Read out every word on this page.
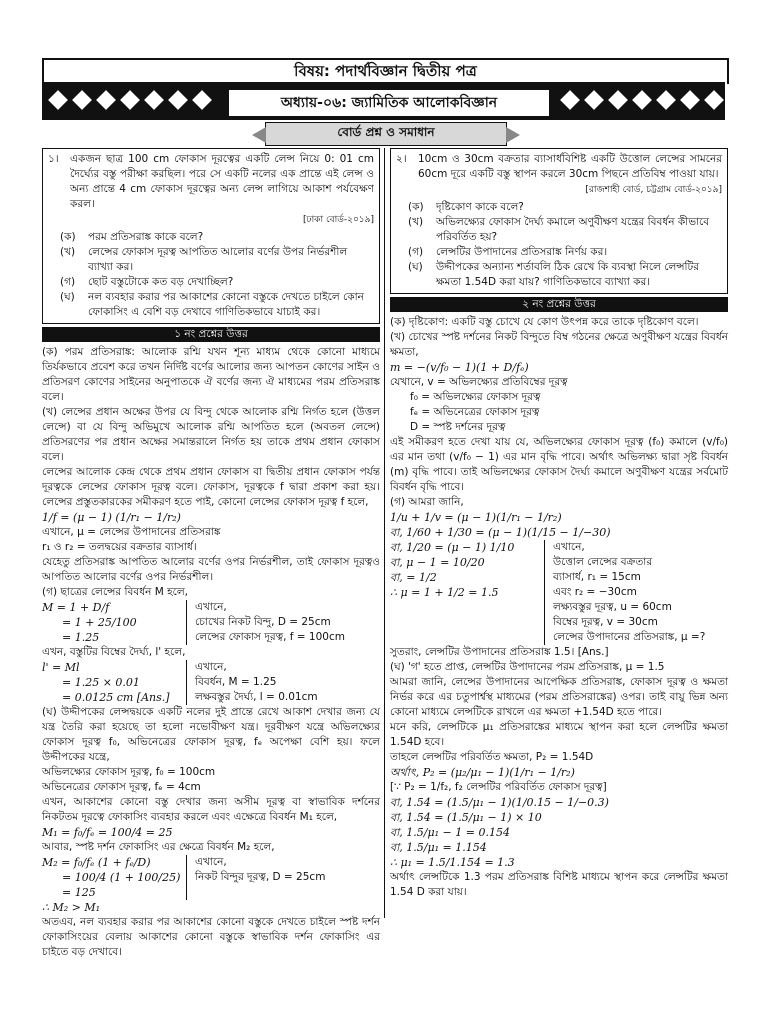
বিষয়: পদার্থবিজ্ঞান দ্বিতীয় পত্র
অধ্যায়-০৬: জ্যামিতিক আলোকবিজ্ঞান
বোর্ড প্রশ্ন ও সমাধান
১।	একজন ছাত্র 100 cm ফোকাস দূরত্বের একটি লেন্স নিয়ে 0: 01 cm দৈর্ঘ্যের বস্তু পরীক্ষা করছিল। পরে সে একটি নলের এক প্রান্তে এই লেন্স ও অন্য প্রান্তে 4 cm ফোকাস দূরত্বের অন্য লেন্স লাগিয়ে আকাশ পর্যবেক্ষণ করল।

[ঢাকা বোর্ড-২০১৯]
(ক)	পরম প্রতিসরাঙ্ক কাকে বলে?
(খ)	লেন্সের ফোকাস দূরত্ব আপতিত আলোর বর্ণের উপর নির্ভরশীল ব্যাখ্যা কর।
(গ)	ছোট বস্তুটোকে কত বড় দেখাচ্ছিল?
(ঘ)	নল ব্যবহার করার পর আকাশের কোনো বস্তুকে দেখতে চাইলে কোন ফোকাসিং এ বেশি বড় দেখাবে গাণিতিকভাবে যাচাই কর।
১ নং প্রশ্নের উত্তর

(ক) পরম প্রতিসরাঙ্ক: আলোক রশ্মি যখন শূন্য মাধ্যম থেকে কোনো মাধ্যমে তির্যকভাবে প্রবেশ করে তখন নির্দিষ্ট বর্ণের আলোর জন্য আপতন কোণের সাইন ও প্রতিসরণ কোণের সাইনের অনুপাতকে ঐ বর্ণের জন্য ঐ মাধ্যমের পরম প্রতিসরাঙ্ক বলে।

(খ) লেন্সের প্রধান অক্ষের উপর যে বিন্দু থেকে আলোক রশ্মি নির্গত হলে (উত্তল লেন্সে) বা যে বিন্দু অভিমুখে আলোক রশ্মি আপতিত হলে (অবতল লেন্সে) প্রতিসরণের পর প্রধান অক্ষের সমান্তরালে নির্গত হয় তাকে প্রথম প্রধান ফোকাস বলে।

লেন্সের আলোক কেন্দ্র থেকে প্রথম প্রধান ফোকাস বা দ্বিতীয় প্রধান ফোকাস পর্যন্ত দূরত্বকে লেন্সের ফোকাস দূরত্ব বলে। ফোকাস, দূরত্বকে f দ্বারা প্রকাশ করা হয়। লেন্সের প্রস্তুতকারকের সমীকরণ হতে পাই, কোনো লেন্সের ফোকাস দূরত্ব f হলে,

1/f = (μ − 1) (1/r₁ − 1/r₂)

এখানে, μ = লেন্সের উপাদানের প্রতিসরাঙ্ক

r₁ ও r₂ = তলদ্বয়ের বক্রতার ব্যাসার্ধ।

যেহেতু প্রতিসরাঙ্ক আপতিত আলোর বর্ণের ওপর নির্ভরশীল, তাই ফোকাস দূরত্বও আপতিত আলোর বর্ণের ওপর নির্ভরশীল।

(গ) ছাত্রের লেন্সের বিবর্ধন M হলে,

M = 1 + D/f
= 1 + 25/100
= 1.25
এখানে,
চোখের নিকট বিন্দু, D = 25cm
লেন্সের ফোকাস দূরত্ব, f = 100cm

এখন, বস্তুটির বিম্বের দৈর্ঘ্য, l' হলে,

l' = Ml
= 1.25 × 0.01
= 0.0125 cm [Ans.]
এখানে,
বিবর্ধন, M = 1.25
লক্ষবস্তুর দৈর্ঘ্য, l = 0.01cm

(ঘ) উদ্দীপকের লেন্সদ্বয়কে একটি নলের দুই প্রান্তে রেখে আকাশ দেখার জন্য যে যন্ত্র তৈরি করা হয়েছে তা হলো নভোবীক্ষণ যন্ত্র। দূরবীক্ষণ যন্ত্রে অভিলক্ষ্যের ফোকাস দূরত্ব f₀, অভিনেত্রের ফোকাস দূরত্ব, fₑ অপেক্ষা বেশি হয়। ফলে উদ্দীপকের যন্ত্রে,

অভিলক্ষ্যের ফোকাস দূরত্ব, f₀ = 100cm

অভিনেত্রের ফোকাস দূরত্ব, fₑ = 4cm

এখন, আকাশের কোনো বস্তু দেখার জন্য অসীম দূরত্ব বা স্বাভাবিক দর্শনের নিকটতম দূরত্বে ফোকাসিং ব্যবহার করলে এবং এক্ষেত্রে বিবর্ধন M₁ হলে,

M₁ = f₀/fₑ = 100/4 = 25

আবার, স্পষ্ট দর্শন ফোকাসিং এর ক্ষেত্রে বিবর্ধন M₂ হলে,

M₂ = f₀/fₑ (1 + fₑ/D)
= 100/4 (1 + 100/25)
= 125
এখানে,
নিকট বিন্দুর দূরত্ব, D = 25cm
∴ M₂ > M₁

অতএব, নল ব্যবহার করার পর আকাশের কোনো বস্তুকে দেখতে চাইলে স্পষ্ট দর্শন ফোকাসিংয়ের বেলায় আকাশের কোনো বস্তুকে স্বাভাবিক দর্শন ফোকাসিং এর চাইতে বড় দেখাবে।

২।	10cm ও 30cm বক্রতার ব্যাসার্ধবিশিষ্ট একটি উত্তোল লেন্সের সামনের 60cm দূরে একটি বস্তু স্থাপন করলে 30cm পিছনে প্রতিবিম্ব পাওয়া যায়।

[রাজশাহী বোর্ড, চট্টগ্রাম বোর্ড-২০১৯]
(ক)	দৃষ্টিকোণ কাকে বলে?
(খ)	অভিলক্ষ্যের ফোকাস দৈর্ঘ্য কমালে অণুবীক্ষণ যন্ত্রের বিবর্ধন কীভাবে পরিবর্তিত হয়?
(গ)	লেন্সটির উপাদানের প্রতিসরাঙ্ক নির্ণয় কর।
(ঘ)	উদ্দীপকের অন্যান্য শর্তাবলি ঠিক রেখে কি ব্যবস্থা নিলে লেন্সটির ক্ষমতা 1.54D করা যায়? গাণিতিকভাবে ব্যাখ্যা কর।
২ নং প্রশ্নের উত্তর

(ক) দৃষ্টিকোণ: একটি বস্তু চোখে যে কোণ উৎপন্ন করে তাকে দৃষ্টিকোণ বলে।

(খ) চোখের স্পষ্ট দর্শনের নিকট বিন্দুতে বিম্ব গঠনের ক্ষেত্রে অণুবীক্ষণ যন্ত্রের বিবর্ধন ক্ষমতা,

m = −(v/f₀ − 1)(1 + D/fₑ)

যেখানে, v = অভিলক্ষ্যের প্রতিবিম্বের দূরত্ব

f₀ = অভিলক্ষ্যের ফোকাস দূরত্ব

fₑ = অভিনেত্রের ফোকাস দূরত্ব

D = স্পষ্ট দর্শনের দূরত্ব

এই সমীকরণ হতে দেখা যায় যে, অভিলক্ষ্যের ফোকাস দূরত্ব (f₀) কমালে (v/f₀) এর মান তথা (v/f₀ − 1) এর মান বৃদ্ধি পাবে। অর্থাৎ অভিলক্ষ্য দ্বারা সৃষ্ট বিবর্ধন (m) বৃদ্ধি পাবে। তাই অভিলক্ষ্যের ফোকাস দৈর্ঘ্য কমালে অণুবীক্ষণ যন্ত্রের সর্বমোট বিবর্ধন বৃদ্ধি পাবে।

(গ) আমরা জানি,

1/u + 1/v = (μ − 1)(1/r₁ − 1/r₂)
বা, 1/60 + 1/30 = (μ − 1)(1/15 − 1/−30)
বা, 1/20 = (μ − 1) 1/10
বা, μ − 1 = 10/20
বা, = 1/2
∴ μ = 1 + 1/2 = 1.5
এখানে,
উত্তোল লেন্সের বক্রতার
ব্যাসার্ধ, r₁ = 15cm
এবং r₂ = −30cm
লক্ষ্যবস্তুর দূরত্ব, u = 60cm
বিম্বের দূরত্ব, v = 30cm
লেন্সের উপাদানের প্রতিসরাঙ্ক, μ =?

সুতরাং, লেন্সটির উপাদানের প্রতিসরাঙ্ক 1.5। [Ans.]

(ঘ) 'গ' হতে প্রাপ্ত, লেন্সটির উপাদানের পরম প্রতিসরাঙ্ক, μ = 1.5

আমরা জানি, লেন্সের উপাদানের আপেক্ষিক প্রতিসরাঙ্ক, ফোকাস দূরত্ব ও ক্ষমতা নির্ভর করে এর চতুপার্শ্বস্থ মাধ্যমের (পরম প্রতিসরাঙ্কের) ওপর। তাই বায়ু ভিন্ন অন্য কোনো মাধ্যমে লেন্সটিকে রাখলে এর ক্ষমতা +1.54D হতে পারে।

মনে করি, লেন্সটিকে μ₁ প্রতিসরাঙ্কের মাধ্যমে স্থাপন করা হলে লেন্সটির ক্ষমতা 1.54D হবে।

তাহলে লেন্সটির পরিবর্তিত ক্ষমতা, P₂ = 1.54D

অর্থাৎ, P₂ = (μ₂/μ₁ − 1)(1/r₁ − 1/r₂)
[∵ P₂ = 1/f₂, f₂ লেন্সটির পরিবর্তিত ফোকাস দূরত্ব]
বা, 1.54 = (1.5/μ₁ − 1)(1/0.15 − 1/−0.3)
বা, 1.54 = (1.5/μ₁ − 1) × 10
বা, 1.5/μ₁ − 1 = 0.154
বা, 1.5/μ₁ = 1.154
∴ μ₁ = 1.5/1.154 = 1.3

অর্থাৎ লেন্সটিকে 1.3 পরম প্রতিসরাঙ্ক বিশিষ্ট মাধ্যমে স্থাপন করে লেন্সটির ক্ষমতা 1.54 D করা যায়।
